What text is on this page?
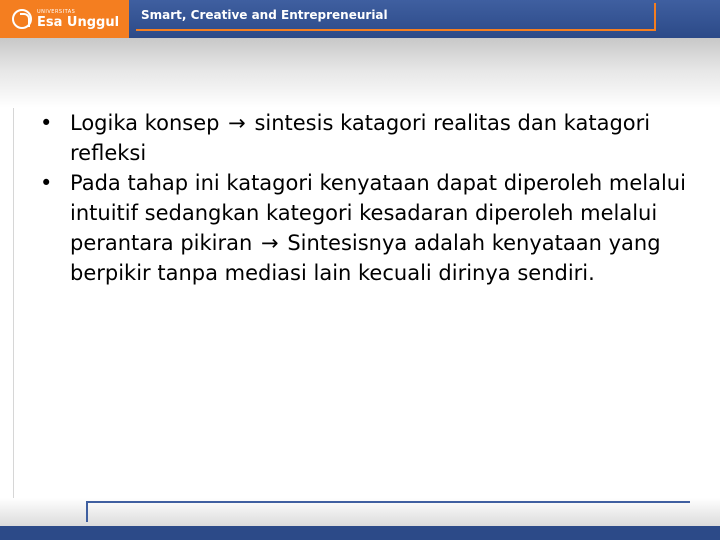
UNIVERSITAS
Esa Unggul Smart, Creative and Entrepreneurial

• Logika konsep → sintesis katagori realitas dan katagori refleksi

• Pada tahap ini katagori kenyataan dapat diperoleh melalui intuitif sedangkan kategori kesadaran diperoleh melalui perantara pikiran → Sintesisnya adalah kenyataan yang berpikir tanpa mediasi lain kecuali dirinya sendiri.
